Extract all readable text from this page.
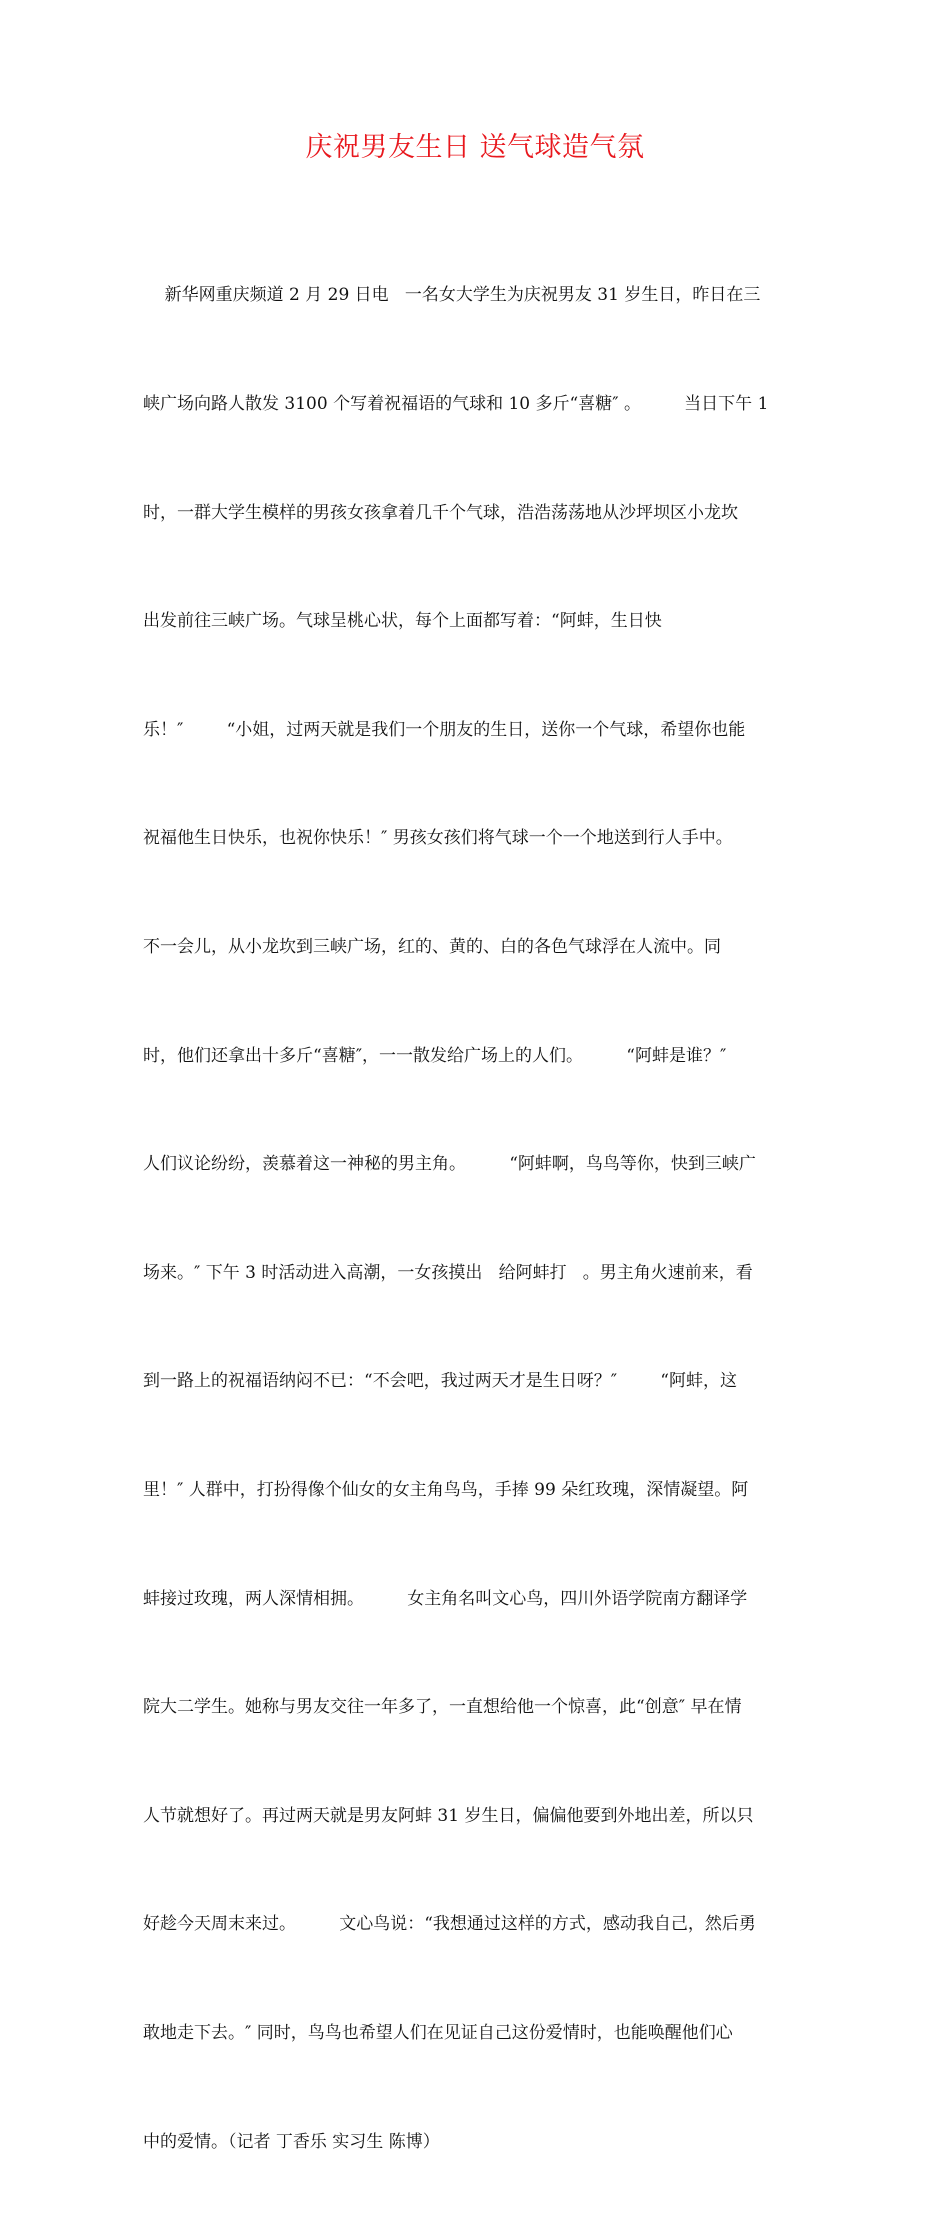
庆祝男友生日 送气球造气氛

新华网重庆频道 2 月 29 日电   一名女大学生为庆祝男友 31 岁生日，昨日在三

峡广场向路人散发 3100 个写着祝福语的气球和 10 多斤“喜糖″ 。        当日下午 1

时，一群大学生模样的男孩女孩拿着几千个气球，浩浩荡荡地从沙坪坝区小龙坎

出发前往三峡广场。气球呈桃心状，每个上面都写着：“阿蚌，生日快

乐！″        “小姐，过两天就是我们一个朋友的生日，送你一个气球，希望你也能

祝福他生日快乐，也祝你快乐！″ 男孩女孩们将气球一个一个地送到行人手中。

不一会儿，从小龙坎到三峡广场，红的、黄的、白的各色气球浮在人流中。同

时，他们还拿出十多斤“喜糖″，一一散发给广场上的人们。        “阿蚌是谁？″

人们议论纷纷，羡慕着这一神秘的男主角。        “阿蚌啊，鸟鸟等你，快到三峡广

场来。″ 下午 3 时活动进入高潮，一女孩摸出   给阿蚌打   。男主角火速前来，看

到一路上的祝福语纳闷不已：“不会吧，我过两天才是生日呀？″        “阿蚌，这

里！″ 人群中，打扮得像个仙女的女主角鸟鸟，手捧 99 朵红玫瑰，深情凝望。阿

蚌接过玫瑰，两人深情相拥。        女主角名叫文心鸟，四川外语学院南方翻译学

院大二学生。她称与男友交往一年多了，一直想给他一个惊喜，此“创意″ 早在情

人节就想好了。再过两天就是男友阿蚌 31 岁生日，偏偏他要到外地出差，所以只

好趁今天周末来过。        文心鸟说：“我想通过这样的方式，感动我自己，然后勇

敢地走下去。″ 同时，鸟鸟也希望人们在见证自己这份爱情时，也能唤醒他们心

中的爱情。（记者 丁香乐 实习生 陈博）
